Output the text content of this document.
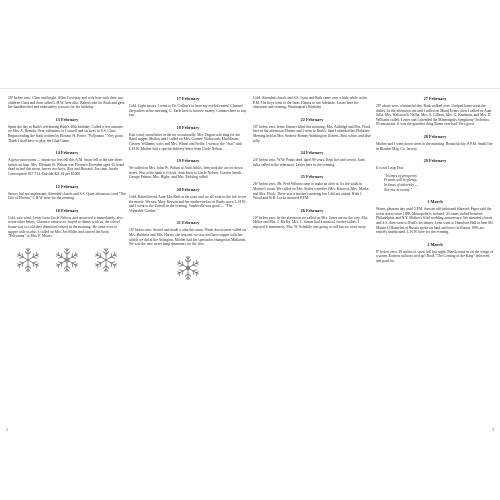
28° below zero. Clear and bright. Allen Coventry and wife here with their two children Clara and Jean called L.H.W. here also. Baked cake for Ruth and gave her handkerchief and embroidery scissors for her birthday.
13 February
Spent the day at Ruth's celebrating Ruth's 40th birthday. Called a few minutes on Mrs. A. Remote. Sent valentines to Crowell and sis boys in S.S. Class. Began reading the book written by Eleanor H. Porter, "Pollyanna." Very good. Think I shall have to play the Glad Game.
14 February
A great snowstorm — about two feet fell this A.M. Snow fell at the rate three inches an hour. Mrs. Ellsman W. Wilson was Florence Errenden aged 43 found dead in bed this morn, leaves two boys, Roy and Howard. Tax time. Inside Conscription $17.714. Outside $21.34 per $1000
15 February
Snowy but not unpleasant. Attended church and S.S. Quiet afternoon, read "The Life of Hoover" L.H.W. here for the evening.
16 February
Cold, raw wind. Letter from Uncle Nelson, and answered it immediately, also wrote other letters. Clarence came over, stayed to dinner with us, the school house was so cold they dismissed school in the morning. He came over to supper with us also. I called on Mrs. Joe Miller and carried the book "Pollyanna" to Mrs. F. Morris.
17 February
Cold. Light snows. I went to Dr. Collins's to have my eyelid treated. Cleaned the parlors in the morning. C. Earle here to borrow money. Connors here to buy hay.
18 February
East wind, snowflakes in the air occasionally. Mrs. Dugan soliciting for the Band supper. Mother and I called on Mrs. Conner, Walsworth, MacMaster, Cleaver Williams' wife, and Mrs. Wheat and Nellie. I went to the "Star" with L.H.W. Mother had a special delivery letter from Uncle Nelson.
19 February
We called on Mrs. John W. Wilson at Aunt Julia's, then took the car for down street. Was at the bank # o'clock. Sent letter to Uncle Nelson. Gordon Smith, George Palmer, Mrs. Higby, and Mrs. Fielding called.
20 February
Cold. Baked bread, Aunt Mrs Bath at the store and we all went to the fair to see the movie. We saw Mary Kerwin and her mother-in-law at Brady store. L.H.W. and I went to the Carroll in the evening. Vaudeville was good — "The Vegetable Garden."
21 February
16° below zero. Sewed and made a cake this noon. Water down street called on Mrs. Baldwin and Mrs. Harris, she insisted we stay and have supper with her, which we did at the Arlington. Mother had her spectacles changed at Midlands. We saw the new street lamp drummers for the first.
Cold. Attended church and S.S. Lynn and Ruth came over a little while in the P.M. The boys went to the farm. Elmira to see Adelaide. Lester here for afternoon and evening. Washington's Birthday
22 February
18° below zero. Irene Simon called this morning. Mrs. Aldridge and Mrs. Flack here in the afternoon Mother and I went to Ruth's, then I attended the Philathea Meeting held at Mrs. Andrew Bonner Washington flowers, Red, white, and blue jelly.
24 February
24° below zero. W.W. Peaks died, aged 99 years. Kept fire and sewed. Aunt Julia called in the afternoon. Lester here in the evening.
25 February
26° below zero. Mr. Fred Wilson came to make an offer to fix the walls in Mother's room. We called on Mrs. Staley's mother (Mrs. Barrow), Mrs. Marks, and Mrs. Flack. There was a teacher's meeting but I did not attend. Ruth I. Wood and W.R. Locke married 8 P.M.
26 February
10° below zero. In the afternoon we called on Mrs. Jones across the way, Mrs. Miller and Mrs. J. Bielby. Mrs. L. Simon had a musical, twelve ladies, I enjoyed it immensely. Mrs. W. Schnible was going to call but we went away.
27 February
28° above zero, a beautiful day. Ruth walked over. I helped Irene wash the dishes. In the afternoon she and I called on Maud Evans, then I called on Aunt Julia. Mrs. Walsworth, Nellie, Mrs. A. Gilletts, Mrs. G. Kaufman, and Mrs. D. Williams called. Lester and I attended the Minneapolis Symphony Orchestra. 85 musicians. It was the grandest thing Rome ever had. Very good.
28 February
Mother and I went down street in the morning. Beautiful day. 8 P.M. Small fire in Blanket Mfg. Co. factory.
29 February
It is not Leap Year.
"In times of prosperity
Friends will be plenty;
In times of adversity —
Not one in twenty."
1 March
Warm, pleasant day until 5 P.M. then an old-fashioned blizzard. Paper said the worst storm since 1888. Metropolis is isolated, 23 trains stalled between Philadelphia and N.Y. Mother's 63rd wedding anniversary. We attended church and S.S. then went to Ruth's for dinner. Lynn went to Hamilton Hall to hear Mr. Martin Q Hanselus of Russia spoke on land and terror in Russia. 80% are entirely uneducated. L.H.W. here for the evening.
2 March
8° below zero. 18 inches of snow fell last night. Marsh came in on the wings of a storm. Eastern railways tied up! Book "The Coming of the King" delivered and paid for.
2	3
